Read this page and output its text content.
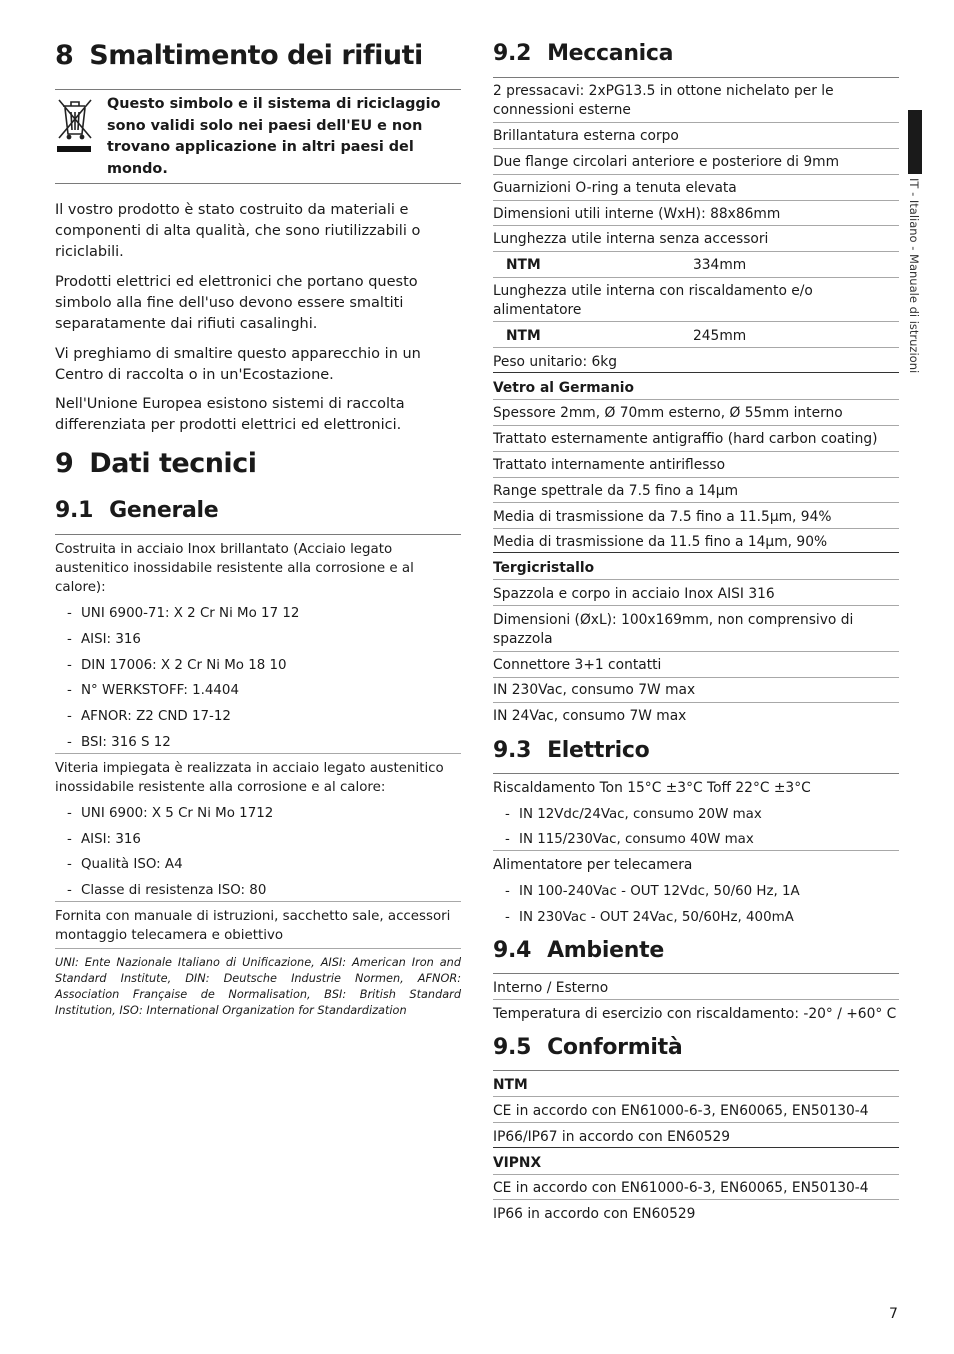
8 Smaltimento dei rifiuti
Questo simbolo e il sistema di riciclaggio sono validi solo nei paesi dell'EU e non trovano applicazione in altri paesi del mondo.
Il vostro prodotto è stato costruito da materiali e componenti di alta qualità, che sono riutilizzabili o riciclabili.
Prodotti elettrici ed elettronici che portano questo simbolo alla fine dell'uso devono essere smaltiti separatamente dai rifiuti casalinghi.
Vi preghiamo di smaltire questo apparecchio in un Centro di raccolta o in un'Ecostazione.
Nell'Unione Europea esistono sistemi di raccolta differenziata per prodotti elettrici ed elettronici.
9 Dati tecnici
9.1 Generale
Costruita in acciaio Inox brillantato (Acciaio legato austenitico inossidabile resistente alla corrosione e al calore):
- UNI 6900-71: X 2 Cr Ni Mo 17 12
- AISI: 316
- DIN 17006: X 2 Cr Ni Mo 18 10
- N° WERKSTOFF: 1.4404
- AFNOR: Z2 CND 17-12
- BSI: 316 S 12
Viteria impiegata è realizzata in acciaio legato austenitico inossidabile resistente alla corrosione e al calore:
- UNI 6900: X 5 Cr Ni Mo 1712
- AISI: 316
- Qualità ISO: A4
- Classe di resistenza ISO: 80
Fornita con manuale di istruzioni, sacchetto sale, accessori montaggio telecamera e obiettivo
UNI: Ente Nazionale Italiano di Unificazione, AISI: American Iron and Standard Institute, DIN: Deutsche Industrie Normen, AFNOR: Association Française de Normalisation, BSI: British Standard Institution, ISO: International Organization for Standardization
9.2 Meccanica
2 pressacavi: 2xPG13.5 in ottone nichelato per le connessioni esterne
Brillantatura esterna corpo
Due flange circolari anteriore e posteriore di 9mm
Guarnizioni O-ring a tenuta elevata
Dimensioni utili interne (WxH): 88x86mm
Lunghezza utile interna senza accessori
NTM	334mm
Lunghezza utile interna con riscaldamento e/o alimentatore
NTM	245mm
Peso unitario: 6kg
Vetro al Germanio
Spessore 2mm, Ø 70mm esterno, Ø 55mm interno
Trattato esternamente antigraffio (hard carbon coating)
Trattato internamente antiriflesso
Range spettrale da 7.5 fino a 14μm
Media di trasmissione da 7.5 fino a 11.5μm, 94%
Media di trasmissione da 11.5 fino a 14μm, 90%
Tergicristallo
Spazzola e corpo in acciaio Inox AISI 316
Dimensioni (ØxL): 100x169mm, non comprensivo di spazzola
Connettore 3+1 contatti
IN 230Vac, consumo 7W max
IN 24Vac, consumo 7W max
9.3 Elettrico
Riscaldamento Ton 15°C ±3°C Toff 22°C ±3°C
- IN 12Vdc/24Vac, consumo 20W max
- IN 115/230Vac, consumo 40W max
Alimentatore per telecamera
- IN 100-240Vac - OUT 12Vdc, 50/60 Hz, 1A
- IN 230Vac - OUT 24Vac, 50/60Hz, 400mA
9.4 Ambiente
Interno / Esterno
Temperatura di esercizio con riscaldamento: -20° / +60° C
9.5 Conformità
NTM
CE in accordo con EN61000-6-3, EN60065, EN50130-4
IP66/IP67 in accordo con EN60529
VIPNX
CE in accordo con EN61000-6-3, EN60065, EN50130-4
IP66 in accordo con EN60529
IT - Italiano - Manuale di istruzioni
7
